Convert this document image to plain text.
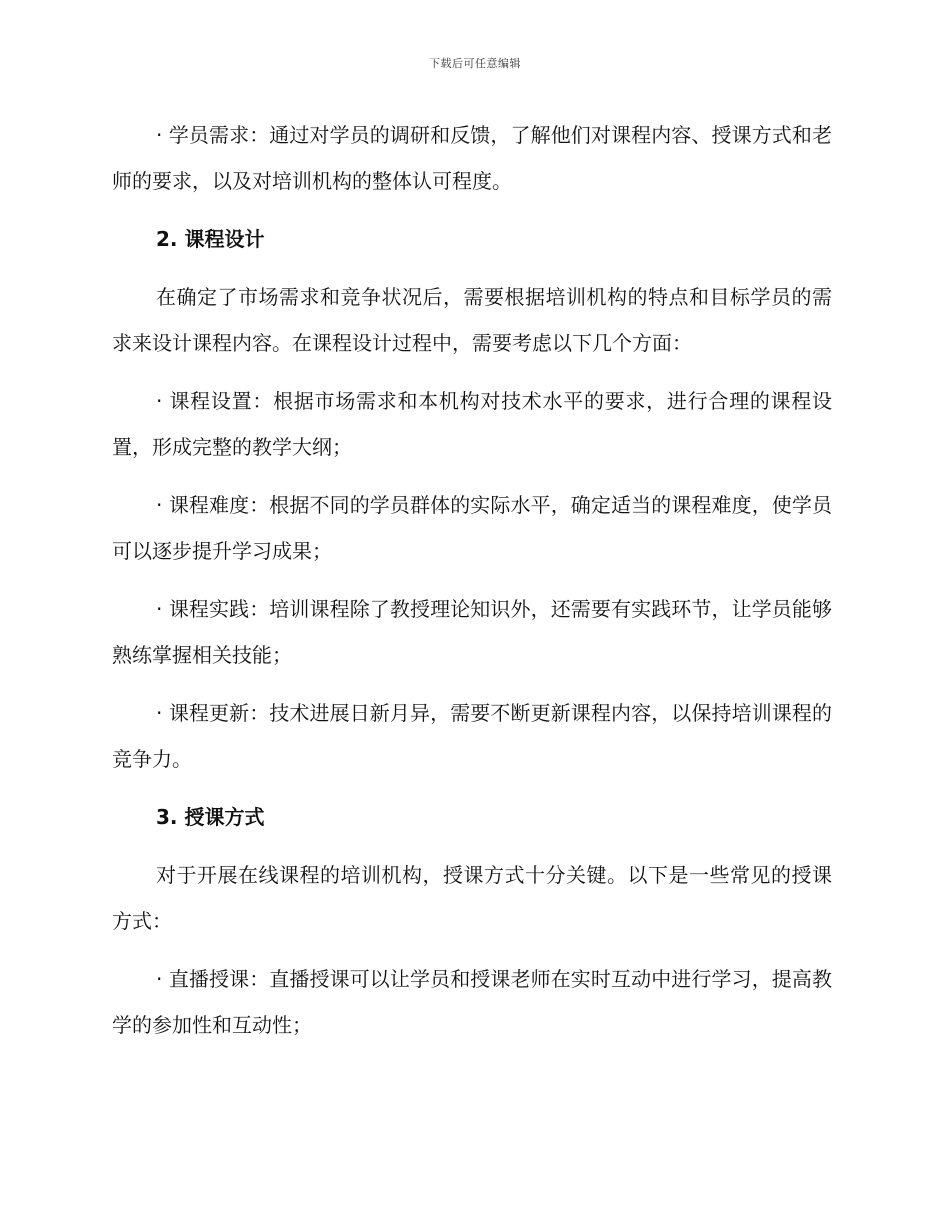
下载后可任意编辑

· 学员需求：通过对学员的调研和反馈，了解他们对课程内容、授课方式和老师的要求，以及对培训机构的整体认可程度。

2. 课程设计

在确定了市场需求和竞争状况后，需要根据培训机构的特点和目标学员的需求来设计课程内容。在课程设计过程中，需要考虑以下几个方面：

· 课程设置：根据市场需求和本机构对技术水平的要求，进行合理的课程设置，形成完整的教学大纲；

· 课程难度：根据不同的学员群体的实际水平，确定适当的课程难度，使学员可以逐步提升学习成果；

· 课程实践：培训课程除了教授理论知识外，还需要有实践环节，让学员能够熟练掌握相关技能；

· 课程更新：技术进展日新月异，需要不断更新课程内容，以保持培训课程的竞争力。

3. 授课方式

对于开展在线课程的培训机构，授课方式十分关键。以下是一些常见的授课方式：

· 直播授课：直播授课可以让学员和授课老师在实时互动中进行学习，提高教学的参加性和互动性；
